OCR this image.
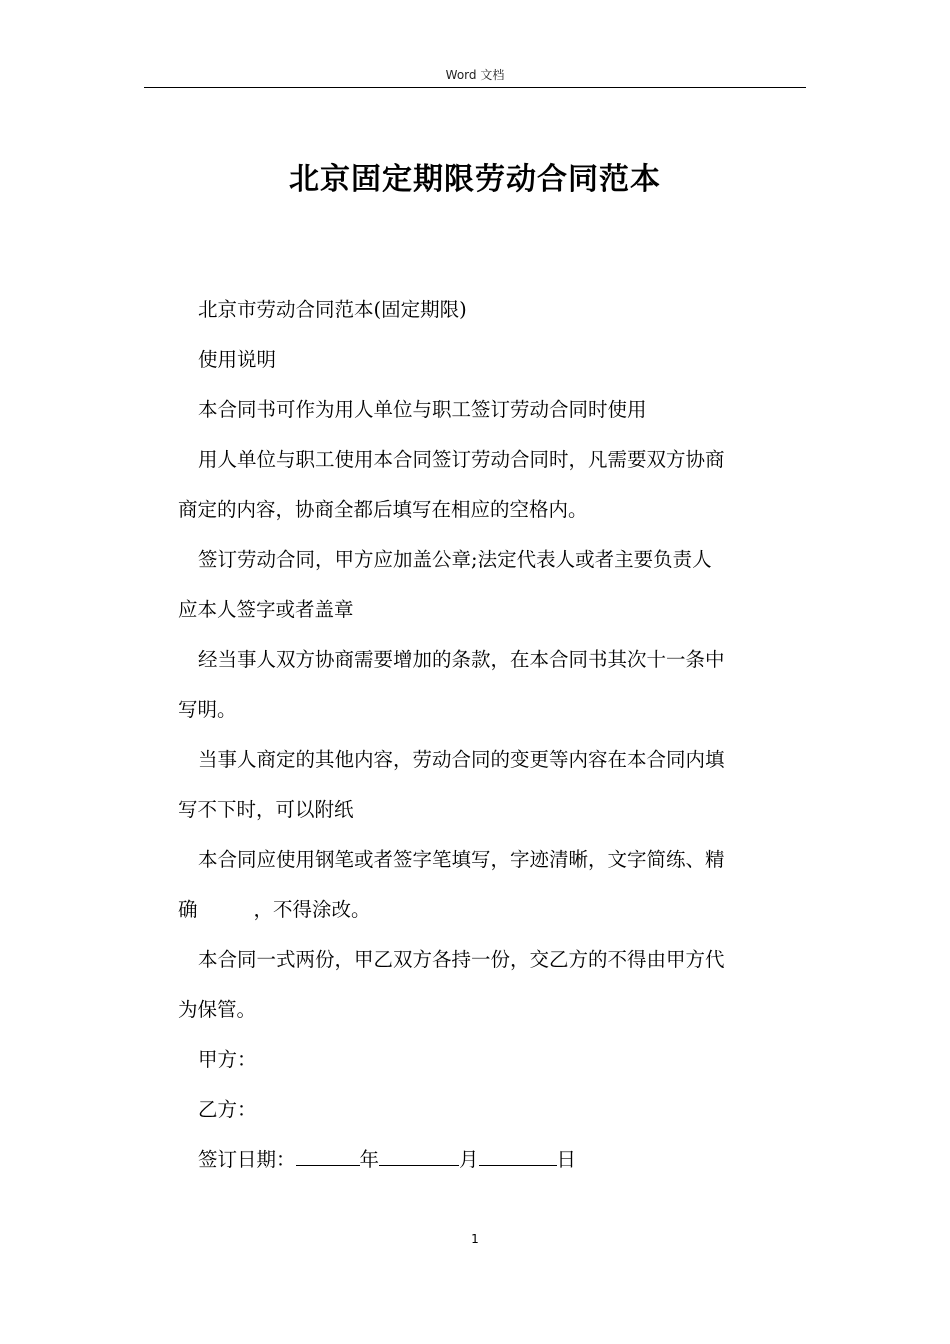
Word 文档
北京固定期限劳动合同范本

北京市劳动合同范本(固定期限)

使用说明

本合同书可作为用人单位与职工签订劳动合同时使用

用人单位与职工使用本合同签订劳动合同时，凡需要双方协商

商定的内容，协商全都后填写在相应的空格内。

签订劳动合同，甲方应加盖公章;法定代表人或者主要负责人

应本人签字或者盖章

经当事人双方协商需要增加的条款，在本合同书其次十一条中

写明。

当事人商定的其他内容，劳动合同的变更等内容在本合同内填

写不下时，可以附纸

本合同应使用钢笔或者签字笔填写，字迹清晰，文字简练、精

确	，不得涂改。

本合同一式两份，甲乙双方各持一份，交乙方的不得由甲方代

为保管。

甲方：

乙方：

签订日期：	年	月	日

1
